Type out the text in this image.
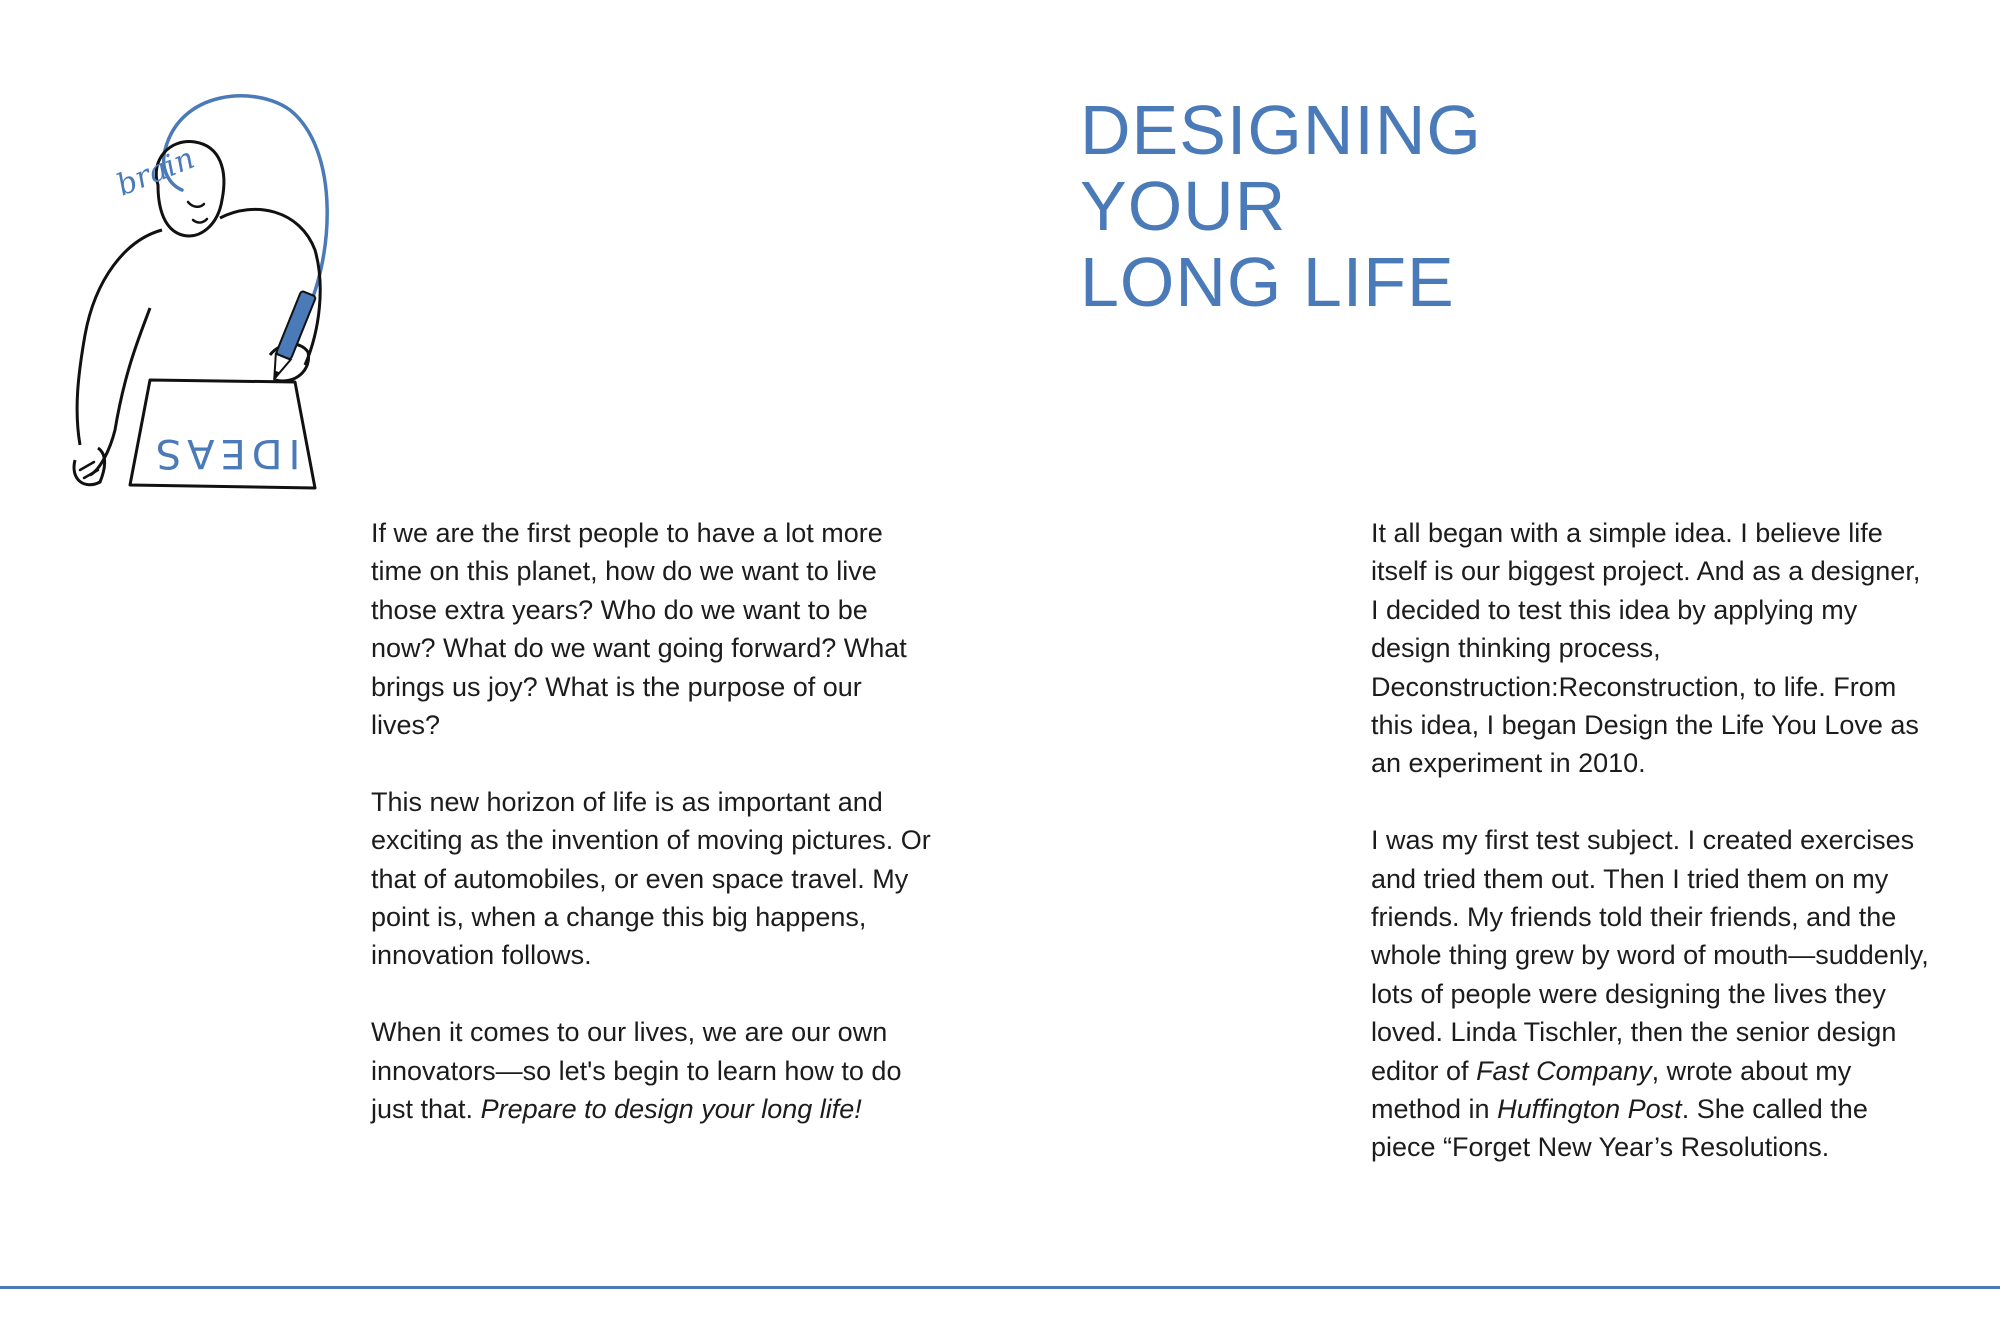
brain
IDEAS
DESIGNING
YOUR
LONG LIFE

If we are the first people to have a lot more time on this planet, how do we want to live those extra years? Who do we want to be now? What do we want going forward? What brings us joy? What is the purpose of our lives?

This new horizon of life is as important and exciting as the invention of moving pictures. Or that of automobiles, or even space travel. My point is, when a change this big happens, innovation follows.

When it comes to our lives, we are our own innovators—so let's begin to learn how to do just that. Prepare to design your long life!

It all began with a simple idea. I believe life itself is our biggest project. And as a designer, I decided to test this idea by applying my design thinking process, Deconstruction:Reconstruction, to life. From this idea, I began Design the Life You Love as an experiment in 2010.

I was my first test subject. I created exercises and tried them out. Then I tried them on my friends. My friends told their friends, and the whole thing grew by word of mouth—suddenly, lots of people were designing the lives they loved. Linda Tischler, then the senior design editor of Fast Company, wrote about my method in Huffington Post. She called the piece “Forget New Year’s Resolutions.
